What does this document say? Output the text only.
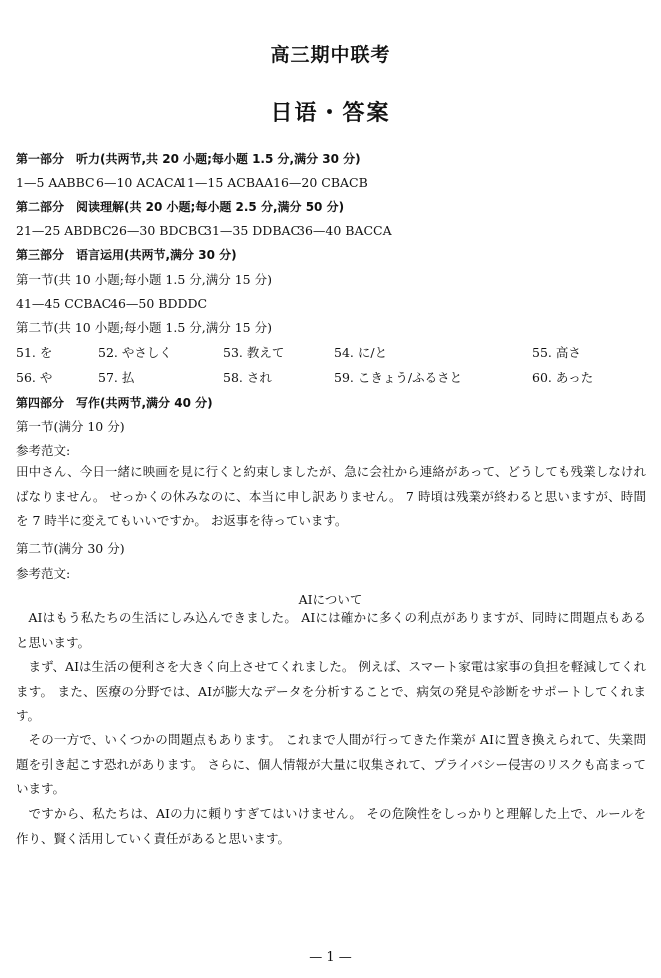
高三期中联考
日语・答案
第一部分　听力(共两节,共 20 小题;每小题 1.5 分,满分 30 分)
1—5 AABBC 6—10 ACACA
11—15 ACBAA 16—20 CBACB
第二部分　阅读理解(共 20 小题;每小题 2.5 分,满分 50 分)
21—25 ABDBC 26—30 BDCBC
31—35 DDBAC
36—40 BACCA
第三部分　语言运用(共两节,满分 30 分)
第一节(共 10 小题;每小题 1.5 分,满分 15 分)
41—45 CCBAC
46—50 BDDDC
第二节(共 10 小题;每小题 1.5 分,满分 15 分)
51. を	52. やさしく	53. 教えて	54. に/と	55. 高さ
56. や	57. 払	58. され	59. こきょう/ふるさと	60. あった
第四部分　写作(共两节,满分 40 分)
第一节(满分 10 分)
参考范文:
田中さん、今日一緒に映画を見に行くと約束しましたが、急に会社から連絡があって、どうしても残業しなければなりません。 せっかくの休みなのに、本当に申し訳ありません。 7 時頃は残業が終わると思いますが、時間を 7 時半に変えてもいいですか。 お返事を待っています。
第二节(满分 30 分)
参考范文:
AIについて
AIはもう私たちの生活にしみ込んできました。 AIには確かに多くの利点がありますが、同時に問題点もあると思います。
まず、AIは生活の便利さを大きく向上させてくれました。 例えば、スマート家電は家事の負担を軽減してくれます。 また、医療の分野では、AIが膨大なデータを分析することで、病気の発見や診断をサポートしてくれます。
その一方で、いくつかの問題点もあります。 これまで人間が行ってきた作業が AIに置き換えられて、失業問題を引き起こす恐れがあります。 さらに、個人情報が大量に収集されて、プライバシー侵害のリスクも高まっています。
ですから、私たちは、AIの力に頼りすぎてはいけません。 その危険性をしっかりと理解した上で、ルールを作り、賢く活用していく責任があると思います。
— 1 —
